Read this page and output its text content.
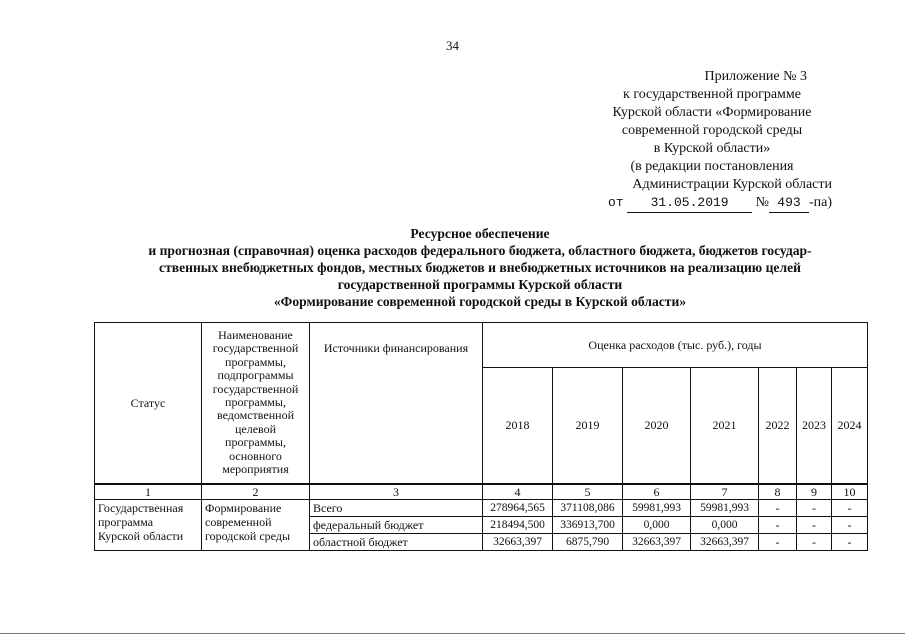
34
Приложение № 3
к государственной программе
Курской области «Формирование
современной городской среды
в Курской области»
(в редакции постановления
Администрации Курской области
от 31.05.2019 № 493 -па)
Ресурсное обеспечение
и прогнозная (справочная) оценка расходов федерального бюджета, областного бюджета, бюджетов государ-
ственных внебюджетных фондов, местных бюджетов и внебюджетных источников на реализацию целей
государственной программы Курской области
«Формирование современной городской среды в Курской области»
Статус	Наименование государственной программы, подпрограммы государственной программы, ведомственной целевой программы, основного мероприятия	Источники финансирования	Оценка расходов (тыс. руб.), годы						
			2018	2019	2020	2021	2022	2023	2024
1	2	3	4	5	6	7	8	9	10
Государственная программа Курской области	Формирование современной городской среды	Всего	278964,565	371108,086	59981,993	59981,993	-	-	-
		федеральный бюджет	218494,500	336913,700	0,000	0,000	-	-	-
		областной бюджет	32663,397	6875,790	32663,397	32663,397	-	-	-
